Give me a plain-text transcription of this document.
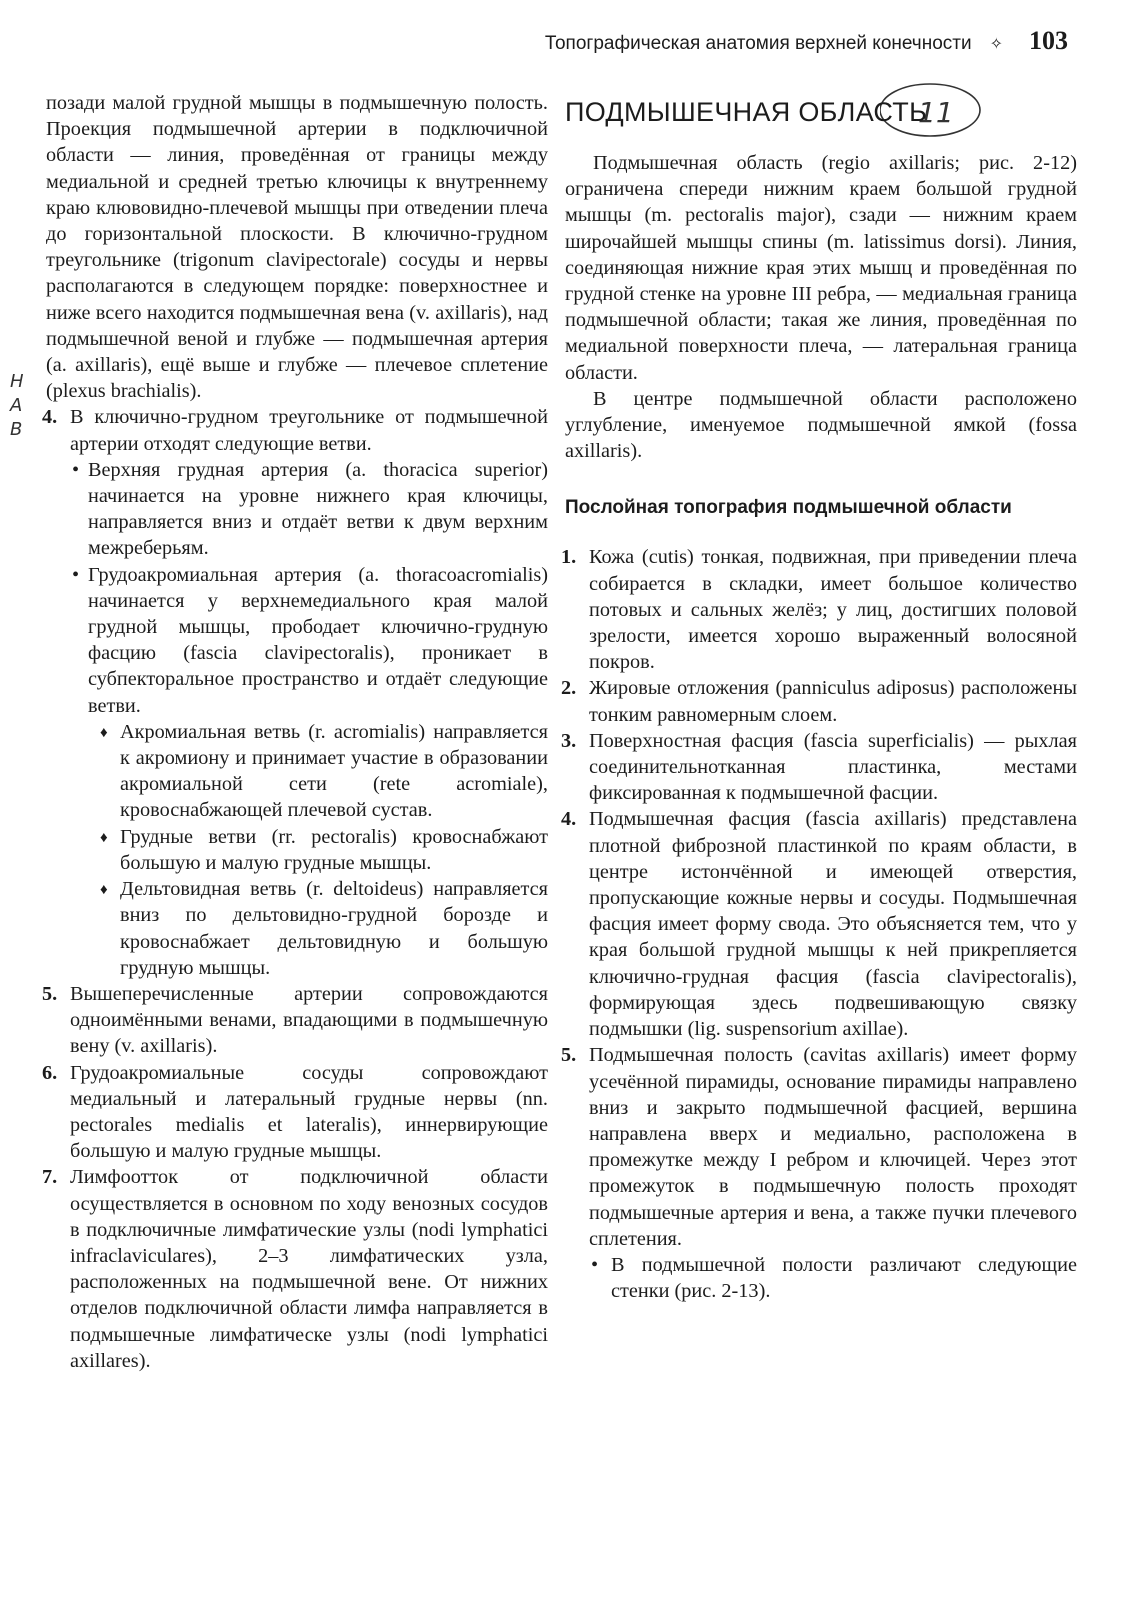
Топографическая анатомия верхней конечности ✧ 103
Н
А
В

позади малой грудной мышцы в подмышечную полость. Проекция подмышечной артерии в подключичной области — линия, проведённая от границы между медиальной и средней третью ключицы к внутреннему краю клювовидно-плечевой мышцы при отведении плеча до горизонтальной плоскости. В ключично-грудном треугольнике (trigonum clavipectorale) сосуды и нервы располагаются в следующем порядке: поверхностнее и ниже всего находится подмышечная вена (v. axillaris), над подмышечной веной и глубже — подмышечная артерия (a. axillaris), ещё выше и глубже — плечевое сплетение (plexus brachialis).

4. В ключично-грудном треугольнике от подмышечной артерии отходят следующие ветви.
• Верхняя грудная артерия (a. thoracica superior) начинается на уровне нижнего края ключицы, направляется вниз и отдаёт ветви к двум верхним межреберьям.
• Грудоакромиальная артерия (a. thoracoacromialis) начинается у верхнемедиального края малой грудной мышцы, прободает ключично-грудную фасцию (fascia clavipectoralis), проникает в субпекторальное пространство и отдаёт следующие ветви.
♦ Акромиальная ветвь (r. acromialis) направляется к акромиону и принимает участие в образовании акромиальной сети (rete acromiale), кровоснабжающей плечевой сустав.
♦ Грудные ветви (rr. pectoralis) кровоснабжают большую и малую грудные мышцы.
♦ Дельтовидная ветвь (r. deltoideus) направляется вниз по дельтовидно-грудной борозде и кровоснабжает дельтовидную и большую грудную мышцы.
5. Вышеперечисленные артерии сопровождаются одноимёнными венами, впадающими в подмышечную вену (v. axillaris).
6. Грудоакромиальные сосуды сопровождают медиальный и латеральный грудные нервы (nn. pectorales medialis et lateralis), иннервирующие большую и малую грудные мышцы.
7. Лимфоотток от подключичной области осуществляется в основном по ходу венозных сосудов в подключичные лимфатические узлы (nodi lymphatici infraclaviculares), 2–3 лимфатических узла, расположенных на подмышечной вене. От нижних отделов подключичной области лимфа направляется в подмышечные лимфатическе узлы (nodi lymphatici axillares).
11
ПОДМЫШЕЧНАЯ ОБЛАСТЬ

Подмышечная область (regio axillaris; рис. 2-12) ограничена спереди нижним краем большой грудной мышцы (m. pectoralis major), сзади — нижним краем широчайшей мышцы спины (m. latissimus dorsi). Линия, соединяющая нижние края этих мышц и проведённая по грудной стенке на уровне III ребра, — медиальная граница подмышечной области; такая же линия, проведённая по медиальной поверхности плеча, — латеральная граница области.

В центре подмышечной области расположено углубление, именуемое подмышечной ямкой (fossa axillaris).

Послойная топография подмышечной области
1. Кожа (cutis) тонкая, подвижная, при приведении плеча собирается в складки, имеет большое количество потовых и сальных желёз; у лиц, достигших половой зрелости, имеется хорошо выраженный волосяной покров.
2. Жировые отложения (panniculus adiposus) расположены тонким равномерным слоем.
3. Поверхностная фасция (fascia superficialis) — рыхлая соединительнотканная пластинка, местами фиксированная к подмышечной фасции.
4. Подмышечная фасция (fascia axillaris) представлена плотной фиброзной пластинкой по краям области, в центре истончённой и имеющей отверстия, пропускающие кожные нервы и сосуды. Подмышечная фасция имеет форму свода. Это объясняется тем, что у края большой грудной мышцы к ней прикрепляется ключично-грудная фасция (fascia clavipectoralis), формирующая здесь подвешивающую связку подмышки (lig. suspensorium axillae).
5. Подмышечная полость (cavitas axillaris) имеет форму усечённой пирамиды, основание пирамиды направлено вниз и закрыто подмышечной фасцией, вершина направлена вверх и медиально, расположена в промежутке между I ребром и ключицей. Через этот промежуток в подмышечную полость проходят подмышечные артерия и вена, а также пучки плечевого сплетения.
• В подмышечной полости различают следующие стенки (рис. 2-13).
